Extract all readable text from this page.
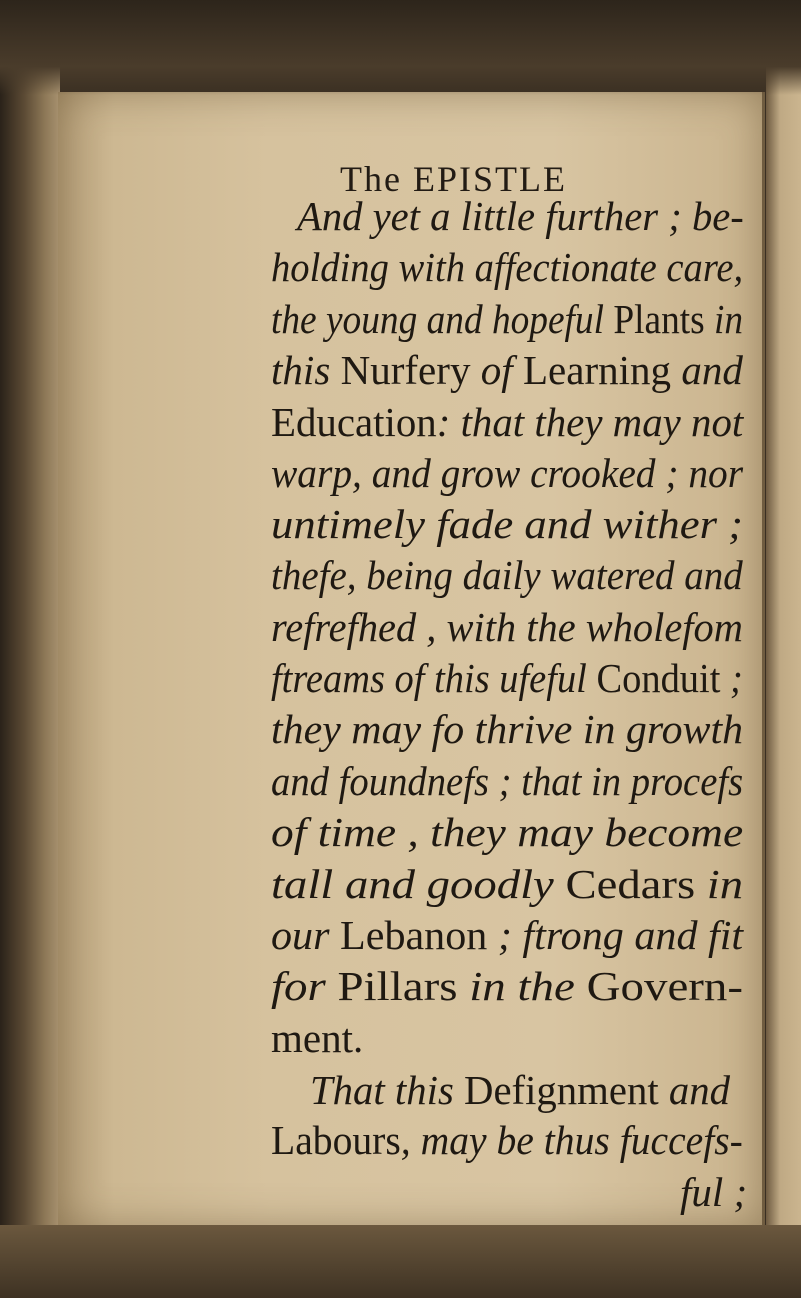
The EPISTLE
And yet a little further ; be-
holding with affectionate care,
the young and hopeful Plants in
this Nurfery of Learning and
Education: that they may not
warp, and grow crooked ; nor
untimely fade and wither ;
thefe, being daily watered and
refrefhed , with the wholefom
ftreams of this ufeful Conduit ;
they may fo thrive in growth
and foundnefs ; that in procefs
of time , they may become
tall and goodly Cedars in
our Lebanon ; ftrong and fit
for Pillars in the Govern-
ment.
That this Defignment and
Labours, may be thus fuccefs-
ful ;
